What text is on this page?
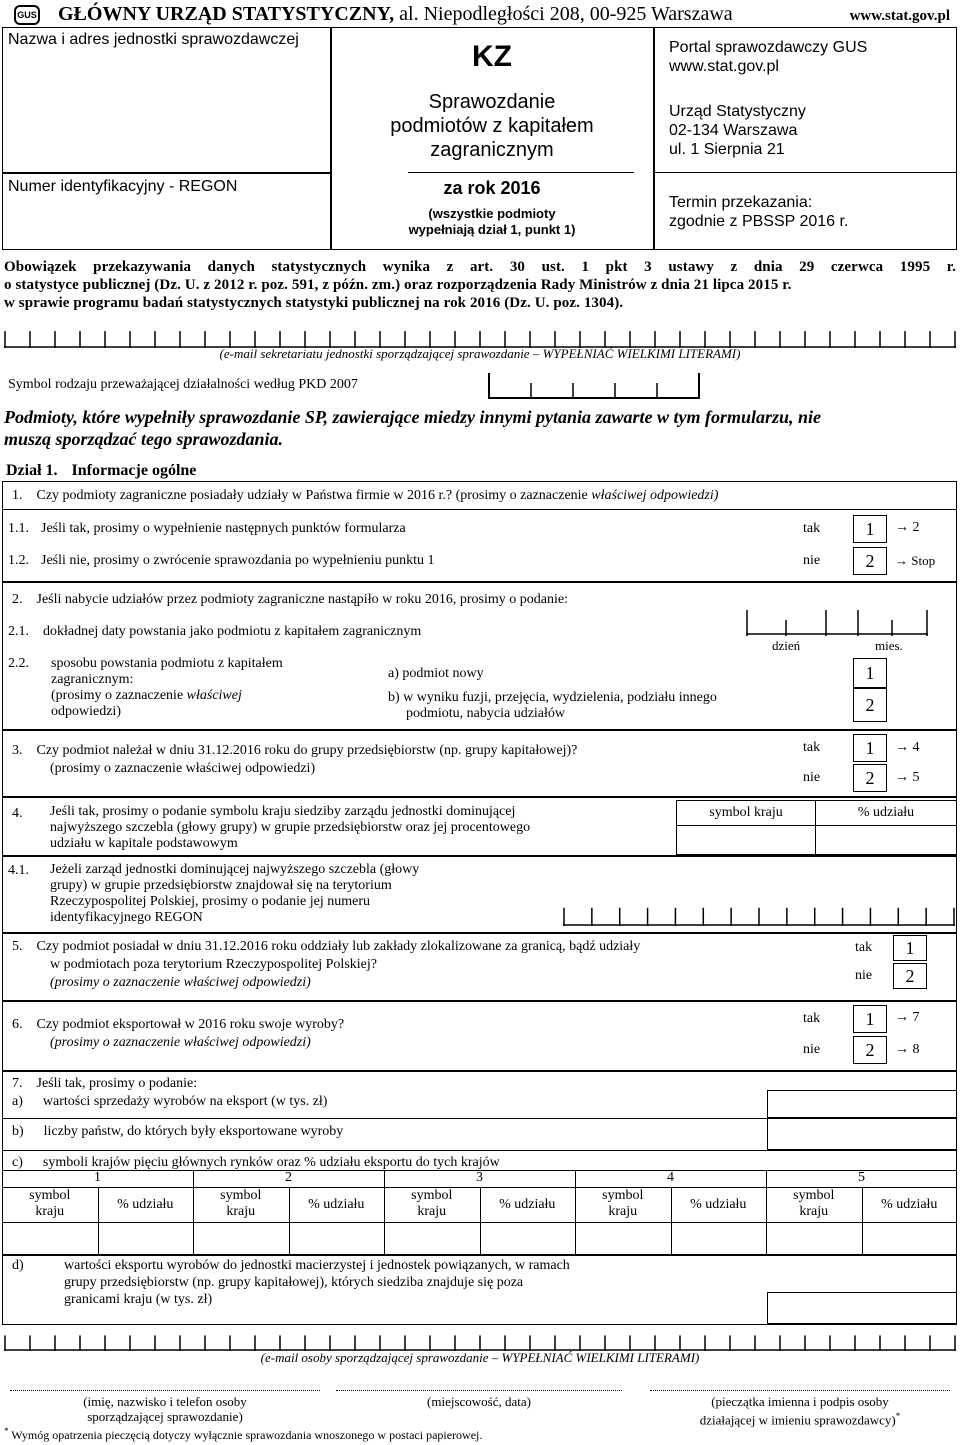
GUS GŁÓWNY URZĄD STATYSTYCZNY, al. Niepodległości 208, 00-925 Warszawa	www.stat.gov.pl
Nazwa i adres jednostki sprawozdawczej
Numer identyfikacyjny - REGON
KZ
Sprawozdanie
podmiotów z kapitałem
zagranicznym
za rok 2016
(wszystkie podmioty
wypełniają dział 1, punkt 1)
Portal sprawozdawczy GUS
www.stat.gov.pl
Urząd Statystyczny
02-134 Warszawa
ul. 1 Sierpnia 21
Termin przekazania:
zgodnie z PBSSP 2016 r.
Obowiązek przekazywania danych statystycznych wynika z art. 30 ust. 1 pkt 3 ustawy z dnia 29 czerwca 1995 r.
o statystyce publicznej (Dz. U. z 2012 r. poz. 591, z późn. zm.) oraz rozporządzenia Rady Ministrów z dnia 21 lipca 2015 r.
w sprawie programu badań statystycznych statystyki publicznej na rok 2016 (Dz. U. poz. 1304).
(e-mail sekretariatu jednostki sporządzającej sprawozdanie – WYPEŁNIAĆ WIELKIMI LITERAMI)
Symbol rodzaju przeważającej działalności według PKD 2007
Podmioty, które wypełniły sprawozdanie SP, zawierające miedzy innymi pytania zawarte w tym formularzu, nie
muszą sporządzać tego sprawozdania.
Dział 1. Informacje ogólne
1. Czy podmioty zagraniczne posiadały udziały w Państwa firmie w 2016 r.? (prosimy o zaznaczenie właściwej odpowiedzi)
1.1. Jeśli tak, prosimy o wypełnienie następnych punktów formularza	tak	1	→ 2
1.2. Jeśli nie, prosimy o zwrócenie sprawozdania po wypełnieniu punktu 1	nie	2	→ Stop
2. Jeśli nabycie udziałów przez podmioty zagraniczne nastąpiło w roku 2016, prosimy o podanie:
2.1. dokładnej daty powstania jako podmiotu z kapitałem zagranicznym
dzień	mies.
2.2. sposobu powstania podmiotu z kapitałem
zagranicznym:
(prosimy o zaznaczenie właściwej
odpowiedzi)
a) podmiot nowy	1
b) w wyniku fuzji, przejęcia, wydzielenia, podziału innego
podmiotu, nabycia udziałów	2
3. Czy podmiot należał w dniu 31.12.2016 roku do grupy przedsiębiorstw (np. grupy kapitałowej)?
(prosimy o zaznaczenie właściwej odpowiedzi)
tak	1	→ 4
nie	2	→ 5
4. Jeśli tak, prosimy o podanie symbolu kraju siedziby zarządu jednostki dominującej
najwyższego szczebla (głowy grupy) w grupie przedsiębiorstw oraz jej procentowego
udziału w kapitale podstawowym
symbol kraju	% udziału
4.1. Jeżeli zarząd jednostki dominującej najwyższego szczebla (głowy
grupy) w grupie przedsiębiorstw znajdował się na terytorium
Rzeczypospolitej Polskiej, prosimy o podanie jej numeru
identyfikacyjnego REGON
5. Czy podmiot posiadał w dniu 31.12.2016 roku oddziały lub zakłady zlokalizowane za granicą, bądź udziały
w podmiotach poza terytorium Rzeczypospolitej Polskiej?
(prosimy o zaznaczenie właściwej odpowiedzi)
tak	1
nie	2
6. Czy podmiot eksportował w 2016 roku swoje wyroby?
(prosimy o zaznaczenie właściwej odpowiedzi)
tak	1	→ 7
nie	2	→ 8
7. Jeśli tak, prosimy o podanie:
a) wartości sprzedaży wyrobów na eksport (w tys. zł)
b) liczby państw, do których były eksportowane wyroby
c) symboli krajów pięciu głównych rynków oraz % udziału eksportu do tych krajów
1
symbol
kraju	% udziału
2
symbol
kraju	% udziału
3
symbol
kraju	% udziału
4
symbol
kraju	% udziału
5
symbol
kraju	% udziału
d)	wartości eksportu wyrobów do jednostki macierzystej i jednostek powiązanych, w ramach
grupy przedsiębiorstw (np. grupy kapitałowej), których siedziba znajduje się poza
granicami kraju (w tys. zł)
(e-mail osoby sporządzającej sprawozdanie – WYPEŁNIAĆ WIELKIMI LITERAMI)
(imię, nazwisko i telefon osoby
sporządzającej sprawozdanie)
(miejscowość, data)	(pieczątka imienna i podpis osoby
działającej w imieniu sprawozdawcy)*
* Wymóg opatrzenia pieczęcią dotyczy wyłącznie sprawozdania wnoszonego w postaci papierowej.
